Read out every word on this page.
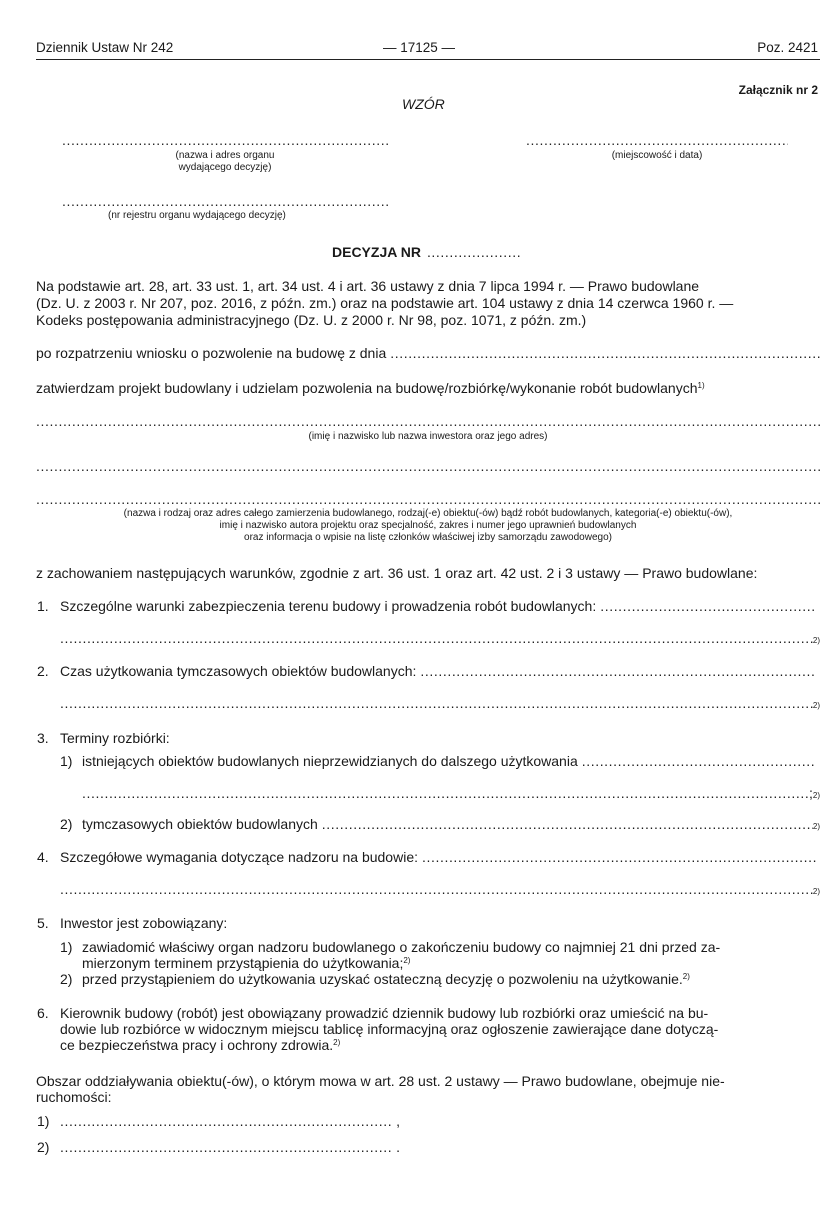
Dziennik Ustaw Nr 242	— 17125 —	Poz. 2421
Załącznik nr 2
WZÓR
.....
(nazwa i adres organu
wydającego decyzję)
.....
(miejscowość i data)
.....
(nr rejestru organu wydającego decyzję)
DECYZJA NR
.....
Na podstawie art. 28, art. 33 ust. 1, art. 34 ust. 4 i art. 36 ustawy z dnia 7 lipca 1994 r. — Prawo budowlane
(Dz. U. z 2003 r. Nr 207, poz. 2016, z późn. zm.) oraz na podstawie art. 104 ustawy z dnia 14 czerwca 1960 r. —
Kodeks postępowania administracyjnego (Dz. U. z 2000 r. Nr 98, poz. 1071, z późn. zm.)
po rozpatrzeniu wniosku o pozwolenie na budowę z dnia
.....
zatwierdzam projekt budowlany i udzielam pozwolenia na budowę/rozbiórkę/wykonanie robót budowlanych$^{1)}$
.....
(imię i nazwisko lub nazwa inwestora oraz jego adres)
.....
.....
(nazwa i rodzaj oraz adres całego zamierzenia budowlanego, rodzaj(-e) obiektu(-ów) bądź robót budowlanych, kategoria(-e) obiektu(-ów),
imię i nazwisko autora projektu oraz specjalność, zakres i numer jego uprawnień budowlanych
oraz informacja o wpisie na listę członków właściwej izby samorządu zawodowego)
z zachowaniem następujących warunków, zgodnie z art. 36 ust. 1 oraz art. 42 ust. 2 i 3 ustawy — Prawo budowlane:
1. Szczególne warunki zabezpieczenia terenu budowy i prowadzenia robót budowlanych:
.....
.....
2)
2. Czas użytkowania tymczasowych obiektów budowlanych:
.....
.....
2)
3. Terminy rozbiórki:
1) istniejących obiektów budowlanych nieprzewidzianych do dalszego użytkowania
.....
.....
; 2)
2) tymczasowych obiektów budowlanych .....	2)
4. Szczegółowe wymagania dotyczące nadzoru na budowie:
.....
.....
2)
5. Inwestor jest zobowiązany:
1) zawiadomić właściwy organ nadzoru budowlanego o zakończeniu budowy co najmniej 21 dni przed za-
mierzonym terminem przystąpienia do użytkowania;$^{2)}$
2) przed przystąpieniem do użytkowania uzyskać ostateczną decyzję o pozwoleniu na użytkowanie.$^{2)}$
6. Kierownik budowy (robót) jest obowiązany prowadzić dziennik budowy lub rozbiórki oraz umieścić na bu-
dowie lub rozbiórce w widocznym miejscu tablicę informacyjną oraz ogłoszenie zawierające dane dotyczą-
ce bezpieczeństwa pracy i ochrony zdrowia.$^{2)}$
Obszar oddziaływania obiektu(-ów), o którym mowa w art. 28 ust. 2 ustawy — Prawo budowlane, obejmuje nie-
ruchomości:
1) .....	,
2) .....	.
